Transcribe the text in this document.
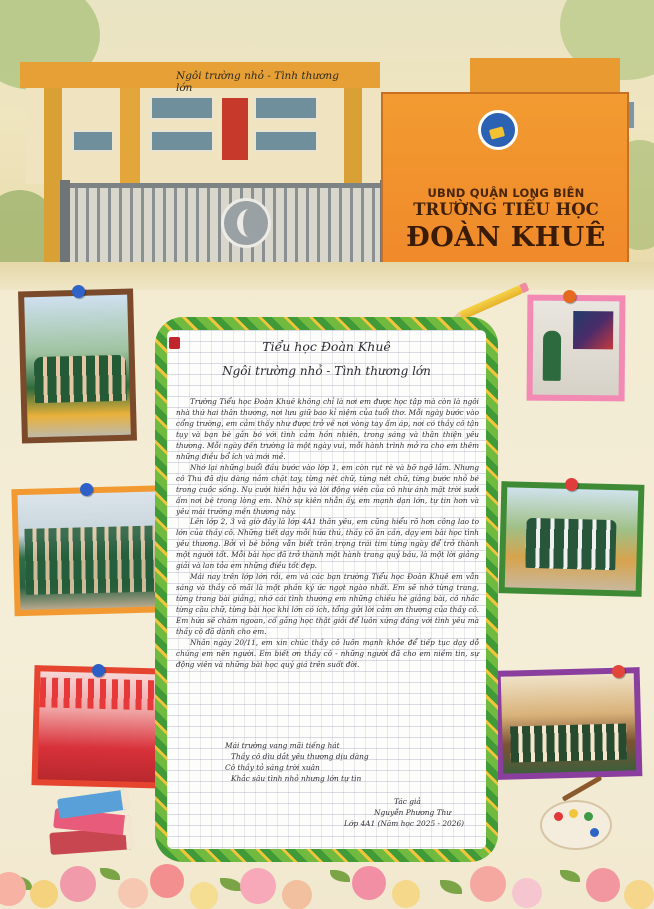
Ngôi trường nhỏ - Tình thương lớn
UBND QUẬN LONG BIÊN
TRƯỜNG TIỂU HỌC
ĐOÀN KHUÊ
Tiểu học Đoàn Khuê
Ngôi trường nhỏ - Tình thương lớn

Trường Tiểu học Đoàn Khuê không chỉ là nơi em được học tập mà còn là ngôi nhà thứ hai thân thương, nơi lưu giữ bao kỉ niệm của tuổi thơ. Mỗi ngày bước vào cổng trường, em cảm thấy như được trở về nơi vòng tay ấm áp, nơi có thầy cô tận tụy và bạn bè gắn bó với tình cảm hồn nhiên, trong sáng và thân thiện yêu thương. Mỗi ngày đến trường là một ngày vui, mỗi hành trình mở ra cho em thêm những điều bổ ích và mới mẻ.

Nhớ lại những buổi đầu bước vào lớp 1, em còn rụt rè và bỡ ngỡ lắm. Nhưng cô Thu đã dịu dàng nắm chặt tay, từng nét chữ, từng nét chữ, từng bước nhỏ bé trong cuộc sống. Nụ cười hiền hậu và lời động viên của cô như ánh mặt trời sưởi ấm nơi bé trong lòng em. Nhờ sự kiên nhẫn ấy, em mạnh dạn lớn, tự tin hơn và yêu mái trường mến thương này.

Lên lớp 2, 3 và giờ đây là lớp 4A1 thân yêu, em cũng hiểu rõ hơn công lao to lớn của thầy cô. Những tiết dạy mỗi hứa thú, thầy cô ân cần, dạy em bài học tình yêu thương. Bởi vì bé bỏng vẫn biết trân trọng trái tim từng ngày để trở thành một người tốt. Mỗi bài học đã trở thành một hành trang quý báu, là một lời giảng giải và lan tỏa em những điều tốt đẹp.

Mái nay trên lớp lớn rồi, em và các bạn trường Tiểu học Đoàn Khuê em vẫn sáng và thầy cô mãi là một phần ký ức ngọt ngào nhất. Em sẽ nhớ từng trang, từng trang bài giảng, nhớ cái tình thương em những chiều hè giảng bài, cô nhắc từng câu chữ, từng bài học khi lớn có ích, tổng gửi lời cảm ơn thương của thầy cô. Em hứa sẽ chăm ngoan, cố gắng học thật giỏi để luôn xứng đáng với tình yêu mà thầy cô đã dành cho em.

Nhân ngày 20/11, em xin chúc thầy cô luôn mạnh khỏe để tiếp tục dạy dỗ chúng em nên người. Em biết ơn thầy cô - những người đã cho em niềm tin, sự động viên và những bài học quý giá trên suốt đời.

Mái trường vang mãi tiếng hát
Thầy cô dìu dắt yêu thương dịu dàng
Cô thầy tỏ sáng trời xuân
Khắc sâu tình nhỏ nhưng lớn tự tin
Tác giả
Nguyễn Phương Thư
Lớp 4A1 (Năm học 2025 - 2026)
